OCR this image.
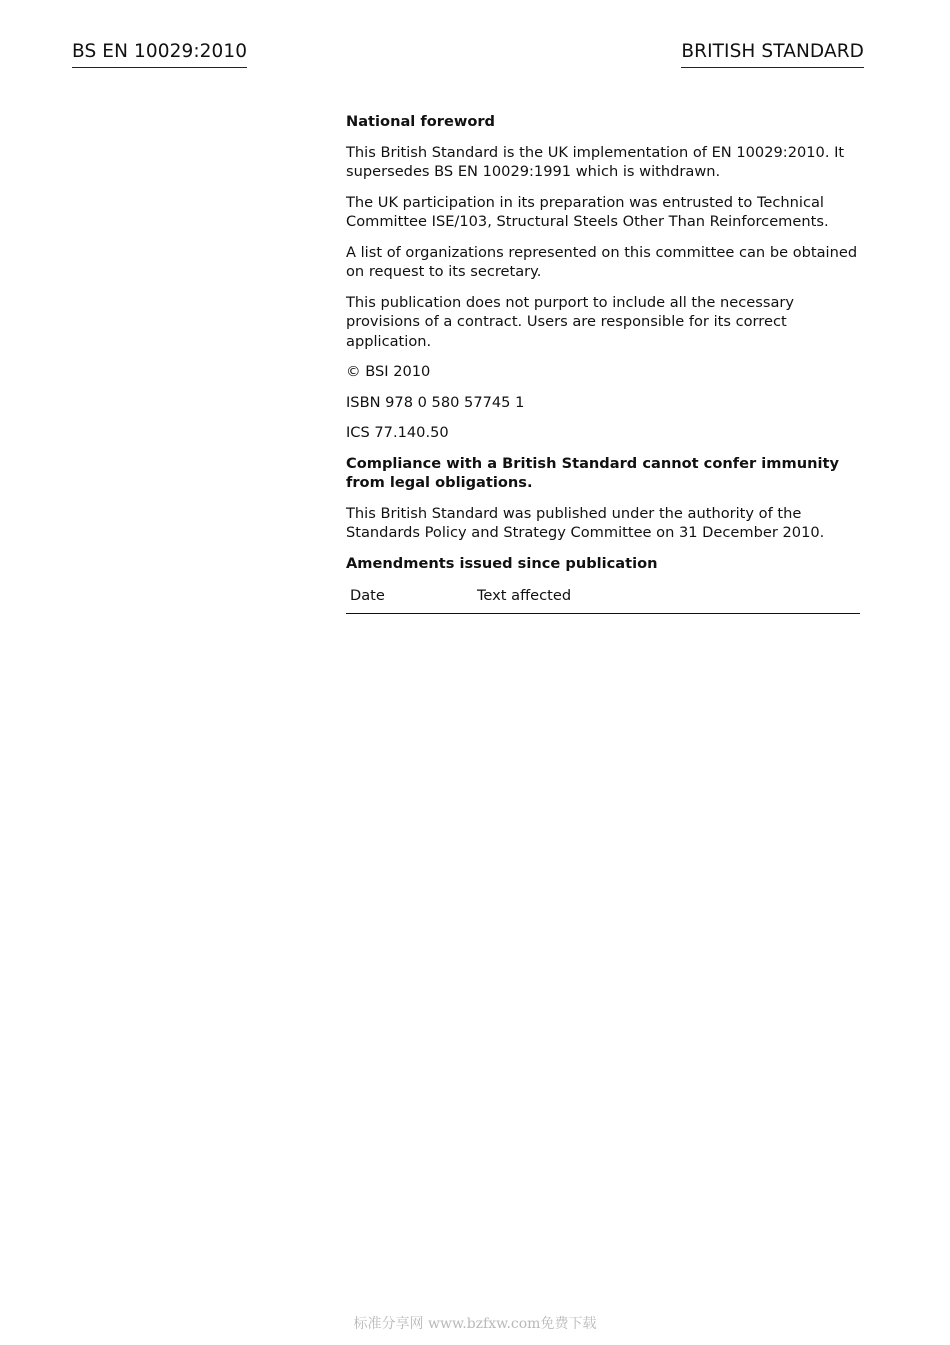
BS EN 10029:2010	BRITISH STANDARD

National foreword

This British Standard is the UK implementation of EN 10029:2010. It supersedes BS EN 10029:1991 which is withdrawn.

The UK participation in its preparation was entrusted to Technical Committee ISE/103, Structural Steels Other Than Reinforcements.

A list of organizations represented on this committee can be obtained on request to its secretary.

This publication does not purport to include all the necessary provisions of a contract. Users are responsible for its correct application.

© BSI 2010

ISBN 978 0 580 57745 1

ICS 77.140.50

Compliance with a British Standard cannot confer immunity from legal obligations.

This British Standard was published under the authority of the Standards Policy and Strategy Committee on 31 December 2010.

Amendments issued since publication

Date	Text affected
标准分享网 www.bzfxw.com免费下载
